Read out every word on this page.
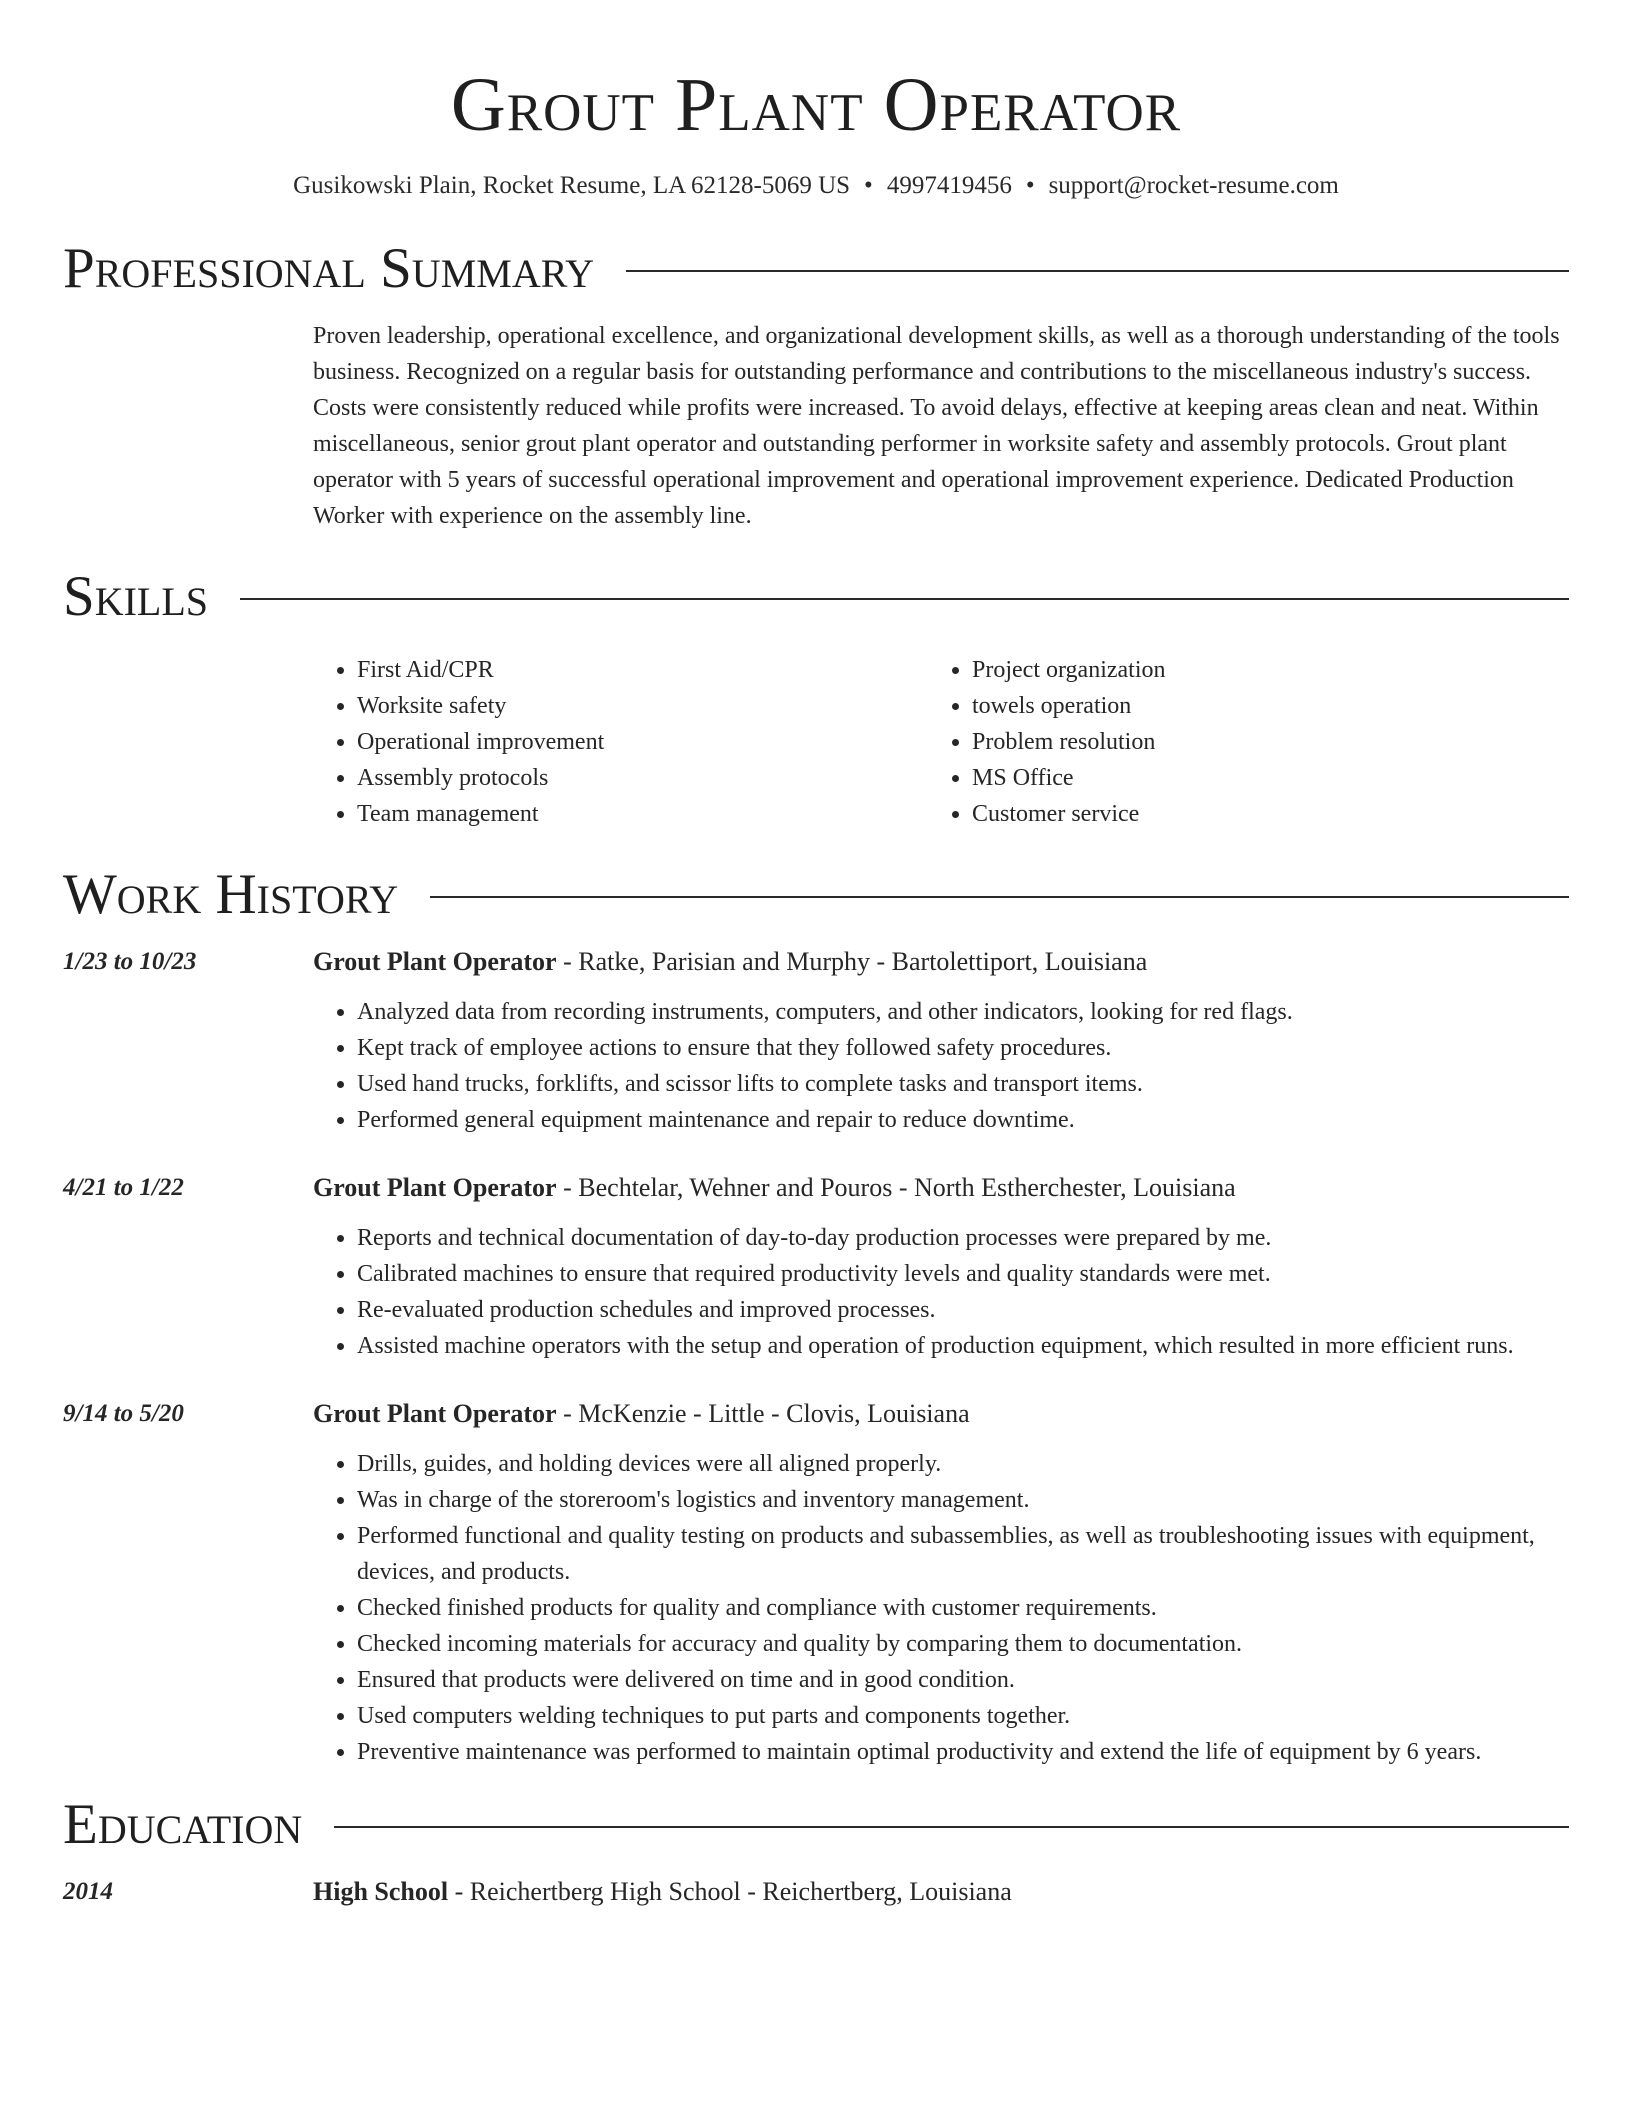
Grout Plant Operator
Gusikowski Plain, Rocket Resume, LA 62128-5069 US • 4997419456 • support@rocket-resume.com
Professional Summary
Proven leadership, operational excellence, and organizational development skills, as well as a thorough understanding of the tools business. Recognized on a regular basis for outstanding performance and contributions to the miscellaneous industry's success. Costs were consistently reduced while profits were increased. To avoid delays, effective at keeping areas clean and neat. Within miscellaneous, senior grout plant operator and outstanding performer in worksite safety and assembly protocols. Grout plant operator with 5 years of successful operational improvement and operational improvement experience. Dedicated Production Worker with experience on the assembly line.
Skills
• First Aid/CPR
• Worksite safety
• Operational improvement
• Assembly protocols
• Team management
• Project organization
• towels operation
• Problem resolution
• MS Office
• Customer service
Work History
1/23 to 10/23	Grout Plant Operator - Ratke, Parisian and Murphy - Bartolettiport, Louisiana
• Analyzed data from recording instruments, computers, and other indicators, looking for red flags.
• Kept track of employee actions to ensure that they followed safety procedures.
• Used hand trucks, forklifts, and scissor lifts to complete tasks and transport items.
• Performed general equipment maintenance and repair to reduce downtime.
4/21 to 1/22	Grout Plant Operator - Bechtelar, Wehner and Pouros - North Estherchester, Louisiana
• Reports and technical documentation of day-to-day production processes were prepared by me.
• Calibrated machines to ensure that required productivity levels and quality standards were met.
• Re-evaluated production schedules and improved processes.
• Assisted machine operators with the setup and operation of production equipment, which resulted in more efficient runs.
9/14 to 5/20	Grout Plant Operator - McKenzie - Little - Clovis, Louisiana
• Drills, guides, and holding devices were all aligned properly.
• Was in charge of the storeroom's logistics and inventory management.
• Performed functional and quality testing on products and subassemblies, as well as troubleshooting issues with equipment, devices, and products.
• Checked finished products for quality and compliance with customer requirements.
• Checked incoming materials for accuracy and quality by comparing them to documentation.
• Ensured that products were delivered on time and in good condition.
• Used computers welding techniques to put parts and components together.
• Preventive maintenance was performed to maintain optimal productivity and extend the life of equipment by 6 years.
Education
2014	High School - Reichertberg High School - Reichertberg, Louisiana
